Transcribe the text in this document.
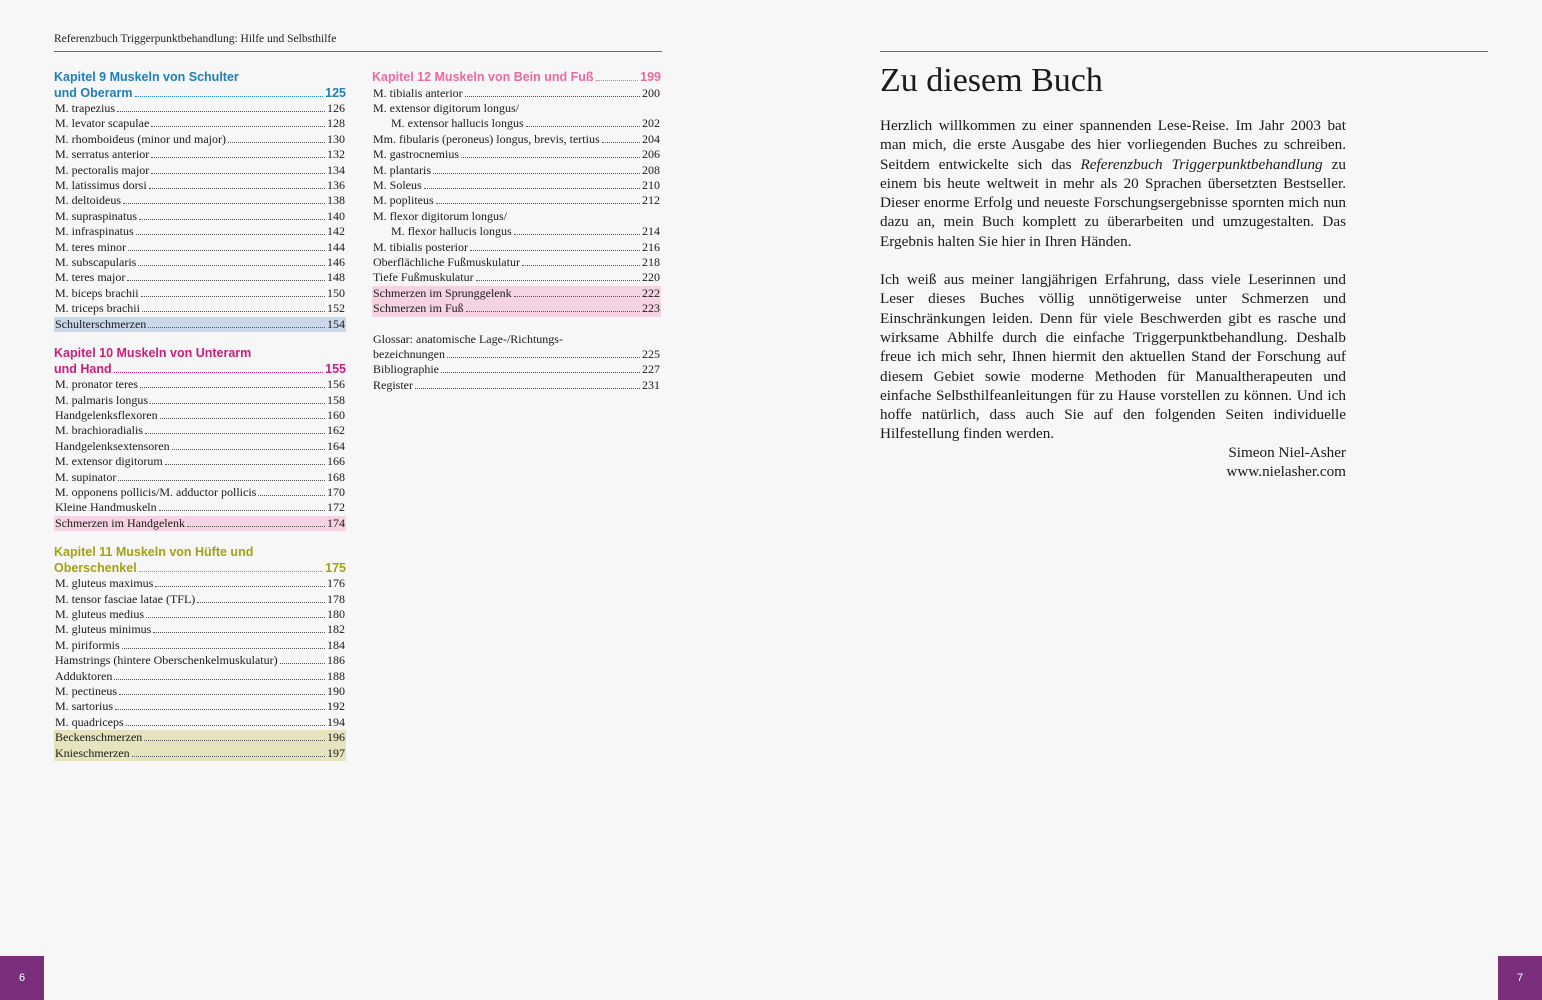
Referenzbuch Triggerpunktbehandlung: Hilfe und Selbsthilfe
Kapitel 9 Muskeln von Schulter
und Oberarm	125
M. trapezius	126
M. levator scapulae	128
M. rhomboideus (minor und major)	130
M. serratus anterior	132
M. pectoralis major	134
M. latissimus dorsi	136
M. deltoideus	138
M. supraspinatus	140
M. infraspinatus	142
M. teres minor	144
M. subscapularis	146
M. teres major	148
M. biceps brachii	150
M. triceps brachii	152
Schulterschmerzen	154
Kapitel 10 Muskeln von Unterarm
und Hand	155
M. pronator teres	156
M. palmaris longus	158
Handgelenksflexoren	160
M. brachioradialis	162
Handgelenksextensoren	164
M. extensor digitorum	166
M. supinator	168
M. opponens pollicis/M. adductor pollicis	170
Kleine Handmuskeln	172
Schmerzen im Handgelenk	174
Kapitel 11 Muskeln von Hüfte und
Oberschenkel	175
M. gluteus maximus	176
M. tensor fasciae latae (TFL)	178
M. gluteus medius	180
M. gluteus minimus	182
M. piriformis	184
Hamstrings (hintere Oberschenkelmuskulatur)	186
Adduktoren	188
M. pectineus	190
M. sartorius	192
M. quadriceps	194
Beckenschmerzen	196
Knieschmerzen	197
Kapitel 12 Muskeln von Bein und Fuß	199
M. tibialis anterior	200
M. extensor digitorum longus/
M. extensor hallucis longus	202
Mm. fibularis (peroneus) longus, brevis, tertius	204
M. gastrocnemius	206
M. plantaris	208
M. Soleus	210
M. popliteus	212
M. flexor digitorum longus/
M. flexor hallucis longus	214
M. tibialis posterior	216
Oberflächliche Fußmuskulatur	218
Tiefe Fußmuskulatur	220
Schmerzen im Sprunggelenk	222
Schmerzen im Fuß	223
Glossar: anatomische Lage-/Richtungs-
bezeichnungen	225
Bibliographie	227
Register	231
Zu diesem Buch

Herzlich willkommen zu einer spannenden Lese-Reise. Im Jahr 2003 bat man mich, die erste Ausgabe des hier vorliegenden Buches zu schreiben. Seitdem entwickelte sich das Referenzbuch Triggerpunktbehandlung zu einem bis heute weltweit in mehr als 20 Sprachen übersetzten Bestseller. Dieser enorme Erfolg und neueste Forschungsergebnisse spornten mich nun dazu an, mein Buch komplett zu überarbeiten und umzugestalten. Das Ergebnis halten Sie hier in Ihren Händen.

Ich weiß aus meiner langjährigen Erfahrung, dass viele Leserinnen und Leser dieses Buches völlig unnötigerweise unter Schmerzen und Einschränkungen leiden. Denn für viele Beschwerden gibt es rasche und wirksame Abhilfe durch die einfache Triggerpunktbehandlung. Deshalb freue ich mich sehr, Ihnen hiermit den aktuellen Stand der Forschung auf diesem Gebiet sowie moderne Methoden für Manualtherapeuten und einfache Selbsthilfeanleitungen für zu Hause vorstellen zu können. Und ich hoffe natürlich, dass auch Sie auf den folgenden Seiten individuelle Hilfestellung finden werden.

Simeon Niel-Asher
www.nielasher.com
6	7
